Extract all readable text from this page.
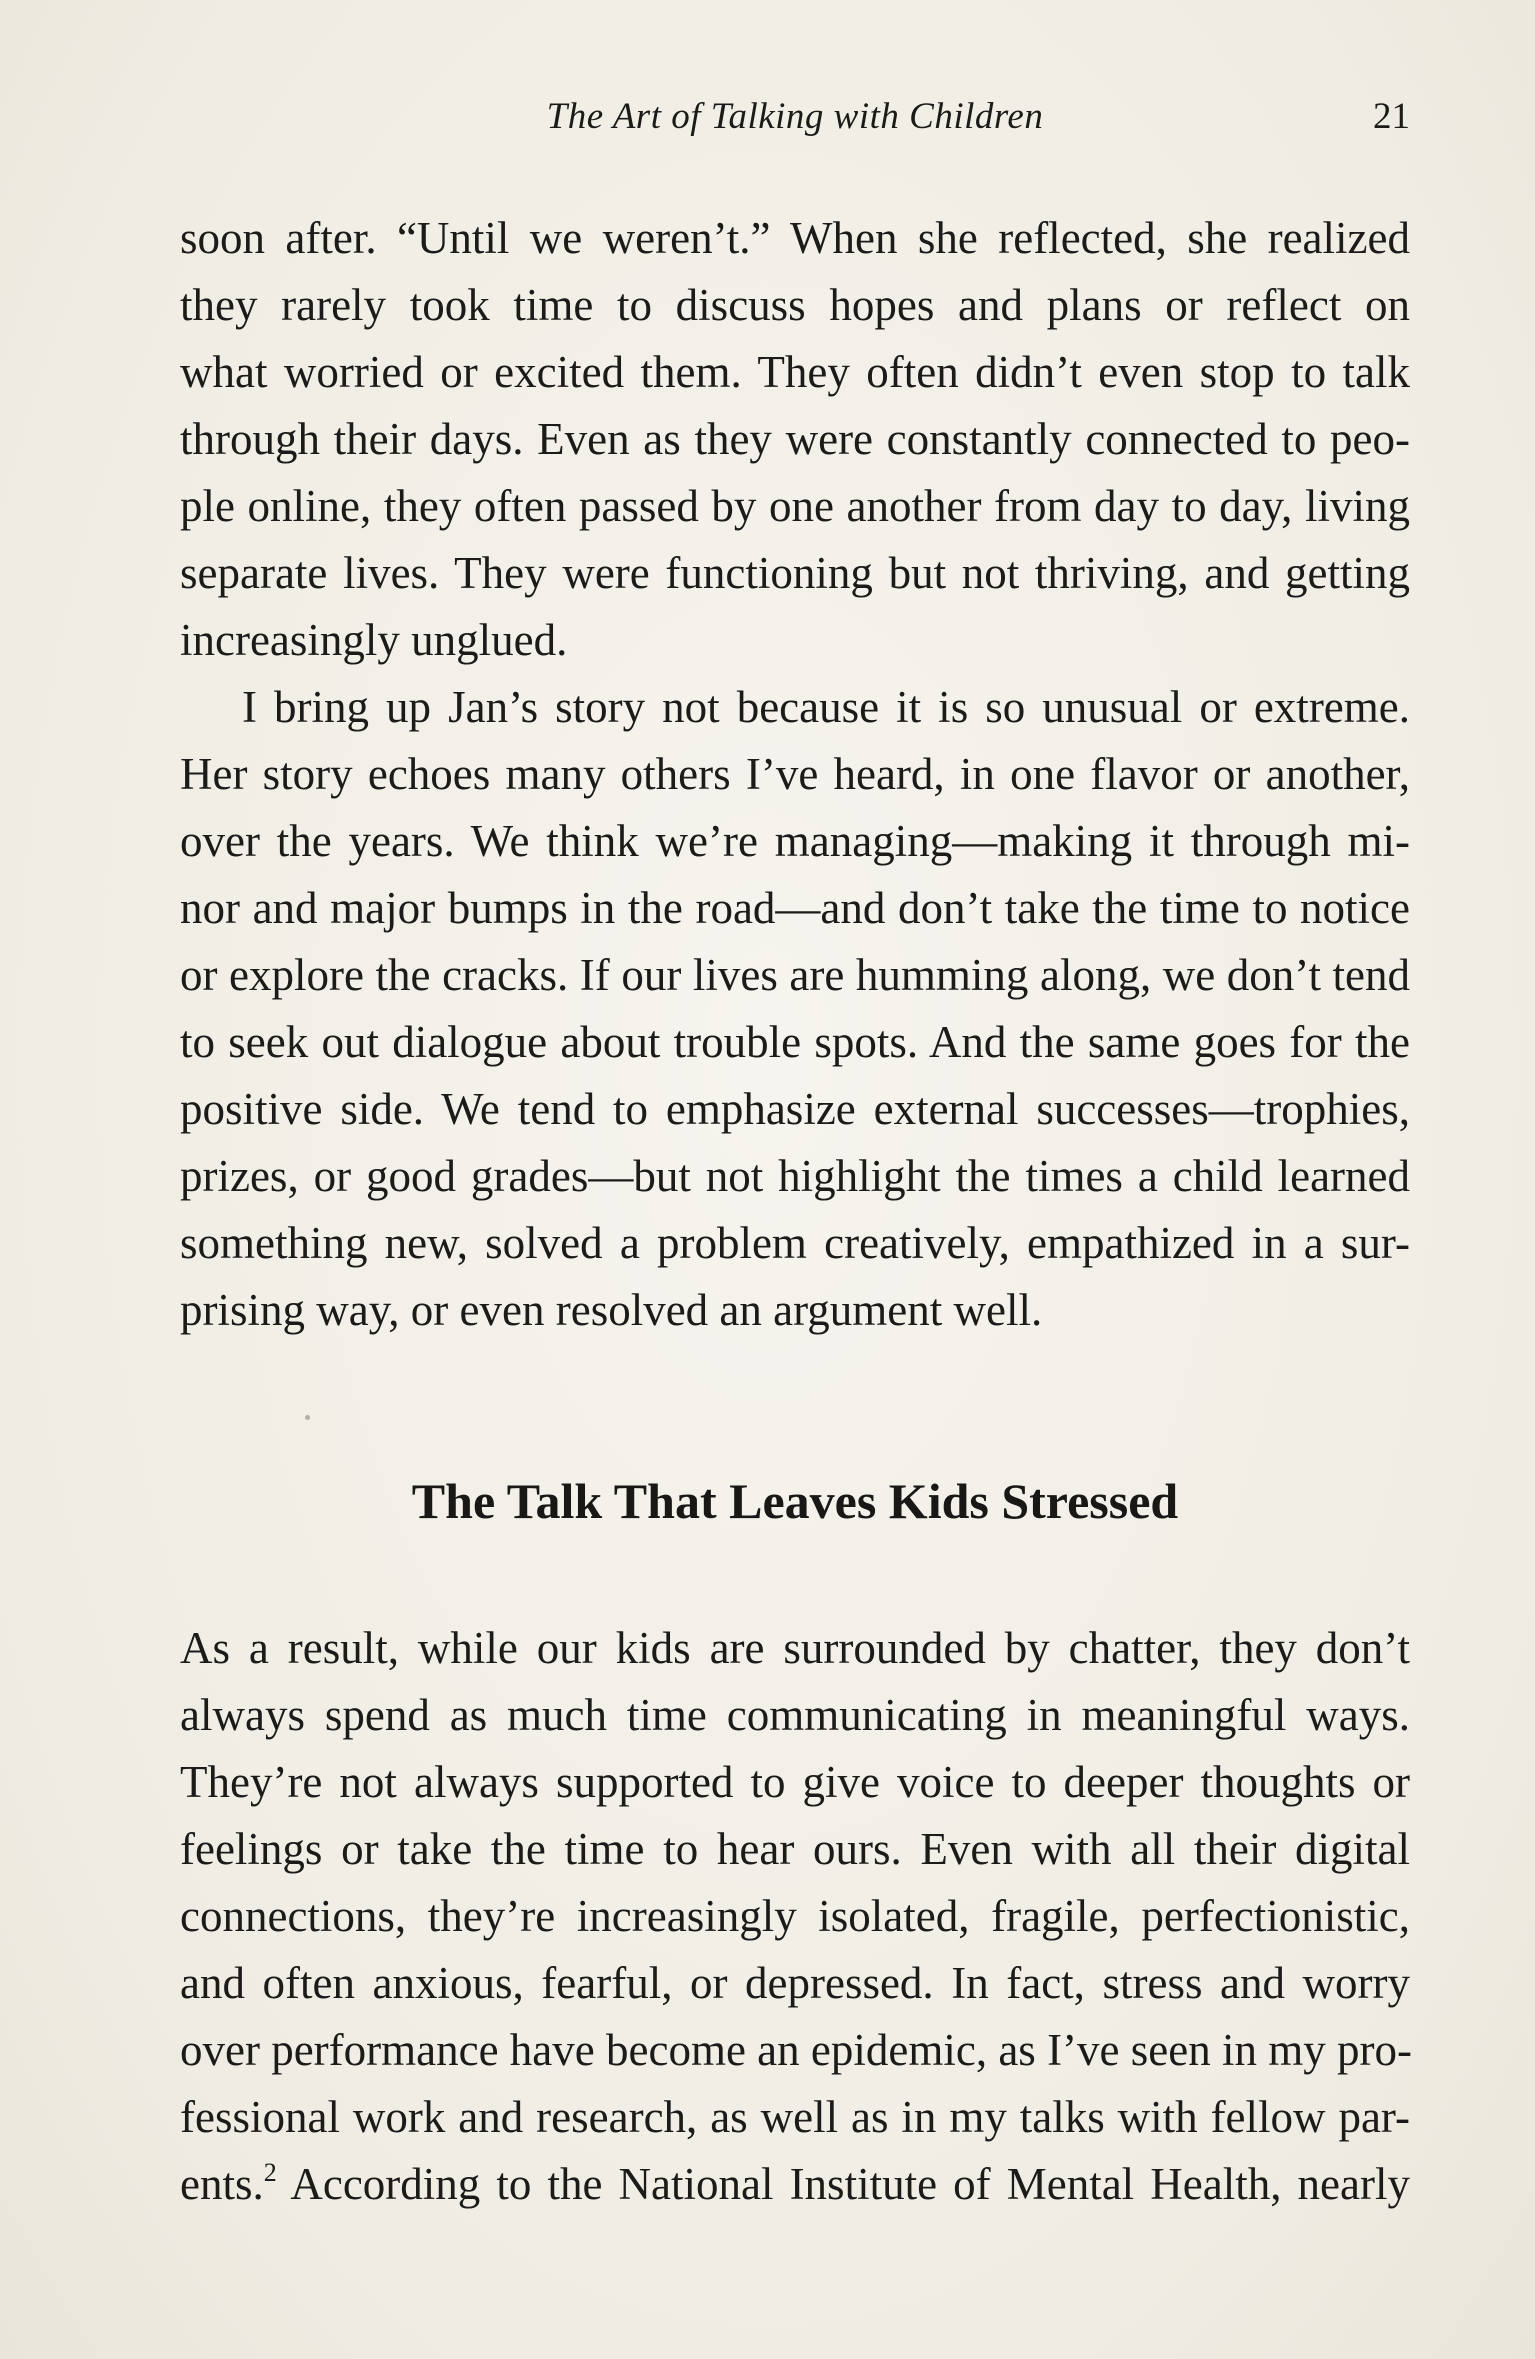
The Art of Talking with Children	21
soon after. “Until we weren’t.” When she reflected, she realized
they rarely took time to discuss hopes and plans or reflect on
what worried or excited them. They often didn’t even stop to talk
through their days. Even as they were constantly connected to peo-
ple online, they often passed by one another from day to day, living
separate lives. They were functioning but not thriving, and getting
increasingly unglued.
I bring up Jan’s story not because it is so unusual or extreme.
Her story echoes many others I’ve heard, in one flavor or another,
over the years. We think we’re managing—making it through mi-
nor and major bumps in the road—and don’t take the time to notice
or explore the cracks. If our lives are humming along, we don’t tend
to seek out dialogue about trouble spots. And the same goes for the
positive side. We tend to emphasize external successes—trophies,
prizes, or good grades—but not highlight the times a child learned
something new, solved a problem creatively, empathized in a sur-
prising way, or even resolved an argument well.
The Talk That Leaves Kids Stressed
As a result, while our kids are surrounded by chatter, they don’t
always spend as much time communicating in meaningful ways.
They’re not always supported to give voice to deeper thoughts or
feelings or take the time to hear ours. Even with all their digital
connections, they’re increasingly isolated, fragile, perfectionistic,
and often anxious, fearful, or depressed. In fact, stress and worry
over performance have become an epidemic, as I’ve seen in my pro-
fessional work and research, as well as in my talks with fellow par-
ents.$^2$ According to the National Institute of Mental Health, nearly
